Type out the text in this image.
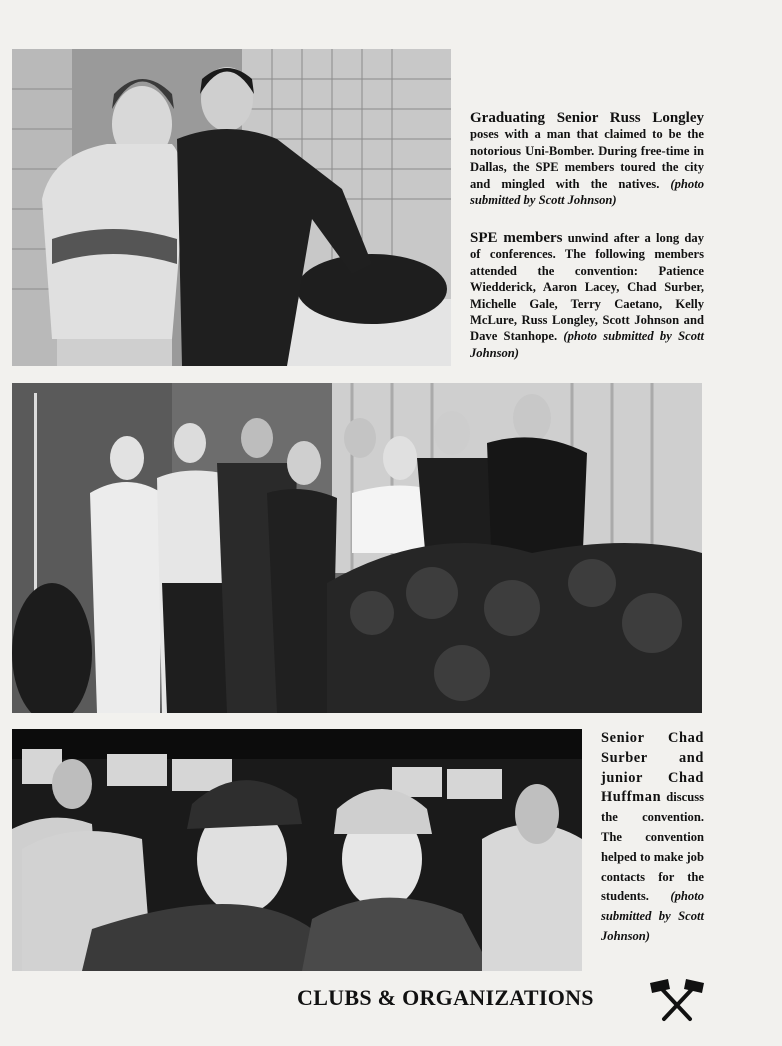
Graduating Senior Russ Longley poses with a man that claimed to be the notorious Uni-Bomber. During free-time in Dallas, the SPE members toured the city and mingled with the natives. (photo submitted by Scott Johnson)
SPE members unwind after a long day of conferences. The following members attended the convention: Patience Wiedderick, Aaron Lacey, Chad Surber, Michelle Gale, Terry Caetano, Kelly McLure, Russ Longley, Scott Johnson and Dave Stanhope. (photo submitted by Scott Johnson)
Senior Chad Surber and junior Chad Huffman discuss the convention. The convention helped to make job contacts for the students. (photo submitted by Scott Johnson)
CLUBS & ORGANIZATIONS
